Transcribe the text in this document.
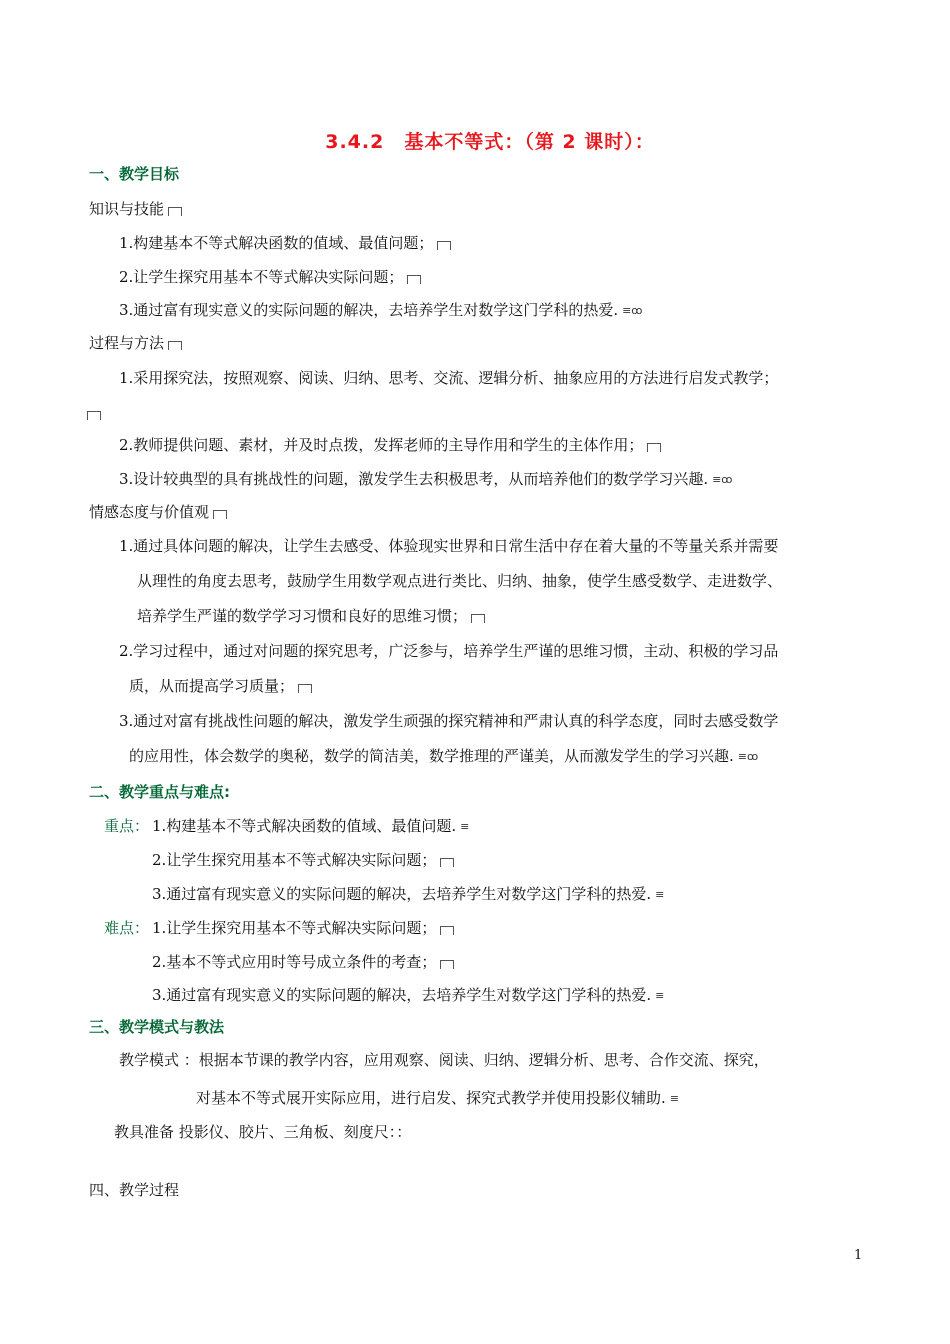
3.4.2　基本不等式：（第 2 课时）：
一、教学目标
知识与技能
1.构建基本不等式解决函数的值域、最值问题；
2.让学生探究用基本不等式解决实际问题；
3.通过富有现实意义的实际问题的解决，去培养学生对数学这门学科的热爱. ≡ꝏ
过程与方法
1.采用探究法，按照观察、阅读、归纳、思考、交流、逻辑分析、抽象应用的方法进行启发式教学；
2.教师提供问题、素材，并及时点拨，发挥老师的主导作用和学生的主体作用；
3.设计较典型的具有挑战性的问题，激发学生去积极思考，从而培养他们的数学学习兴趣. ≡ꝏ
情感态度与价值观
1.通过具体问题的解决，让学生去感受、体验现实世界和日常生活中存在着大量的不等量关系并需要
从理性的角度去思考，鼓励学生用数学观点进行类比、归纳、抽象，使学生感受数学、走进数学、
培养学生严谨的数学学习习惯和良好的思维习惯；
2.学习过程中，通过对问题的探究思考，广泛参与，培养学生严谨的思维习惯，主动、积极的学习品
质，从而提高学习质量；
3.通过对富有挑战性问题的解决，激发学生顽强的探究精神和严肃认真的科学态度，同时去感受数学
的应用性，体会数学的奥秘，数学的简洁美，数学推理的严谨美，从而激发学生的学习兴趣. ≡ꝏ
二、教学重点与难点:
重点： 1.构建基本不等式解决函数的值域、最值问题. ≡
2.让学生探究用基本不等式解决实际问题；
3.通过富有现实意义的实际问题的解决，去培养学生对数学这门学科的热爱. ≡
难点： 1.让学生探究用基本不等式解决实际问题；
2.基本不等式应用时等号成立条件的考查；
3.通过富有现实意义的实际问题的解决，去培养学生对数学这门学科的热爱. ≡
三、教学模式与教法
教学模式 ：根据本节课的教学内容，应用观察、阅读、归纳、逻辑分析、思考、合作交流、探究，
对基本不等式展开实际应用，进行启发、探究式教学并使用投影仪辅助. ≡
教具准备 投影仪、胶片、三角板、刻度尺：：
四、教学过程
1
